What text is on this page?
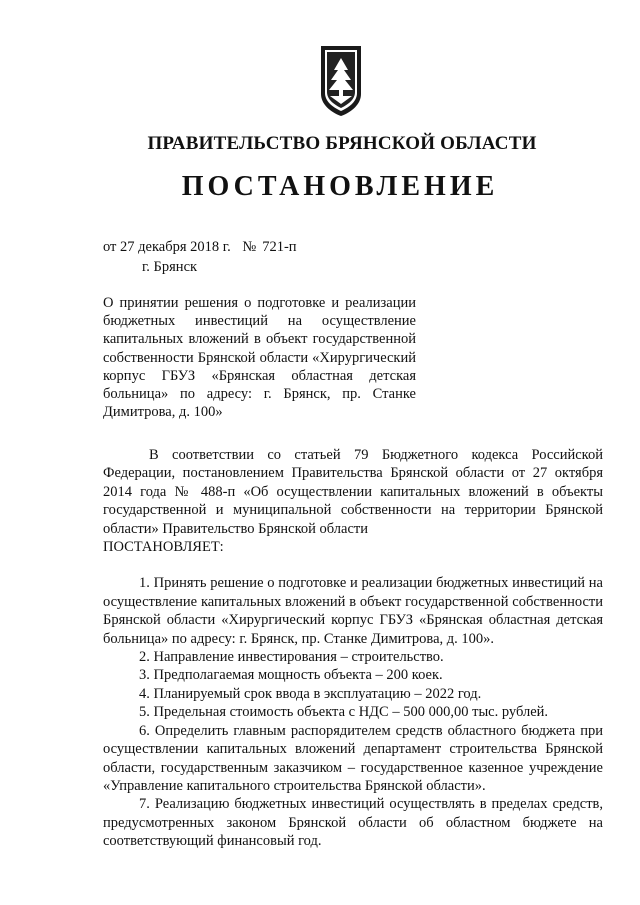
ПРАВИТЕЛЬСТВО БРЯНСКОЙ ОБЛАСТИ
ПОСТАНОВЛЕНИЕ
от 27 декабря 2018 г. № 721-п
г. Брянск
О принятии решения о подготовке и реализации бюджетных инвестиций на осуществление капитальных вложений в объект государственной собственности Брянской области «Хирургический корпус ГБУЗ «Брянская областная детская больница» по адресу: г. Брянск, пр. Станке Димитрова, д. 100»

В соответствии со статьей 79 Бюджетного кодекса Российской Федерации, постановлением Правительства Брянской области от 27 октября 2014 года № 488-п «Об осуществлении капитальных вложений в объекты государственной и муниципальной собственности на территории Брянской области» Правительство Брянской области

ПОСТАНОВЛЯЕТ:

1. Принять решение о подготовке и реализации бюджетных инвестиций на осуществление капитальных вложений в объект государственной собственности Брянской области «Хирургический корпус ГБУЗ «Брянская областная детская больница» по адресу: г. Брянск, пр. Станке Димитрова, д. 100».

2. Направление инвестирования – строительство.

3. Предполагаемая мощность объекта – 200 коек.

4. Планируемый срок ввода в эксплуатацию – 2022 год.

5. Предельная стоимость объекта с НДС – 500 000,00 тыс. рублей.

6. Определить главным распорядителем средств областного бюджета при осуществлении капитальных вложений департамент строительства Брянской области, государственным заказчиком – государственное казенное учреждение «Управление капитального строительства Брянской области».

7. Реализацию бюджетных инвестиций осуществлять в пределах средств, предусмотренных законом Брянской области об областном бюджете на соответствующий финансовый год.
